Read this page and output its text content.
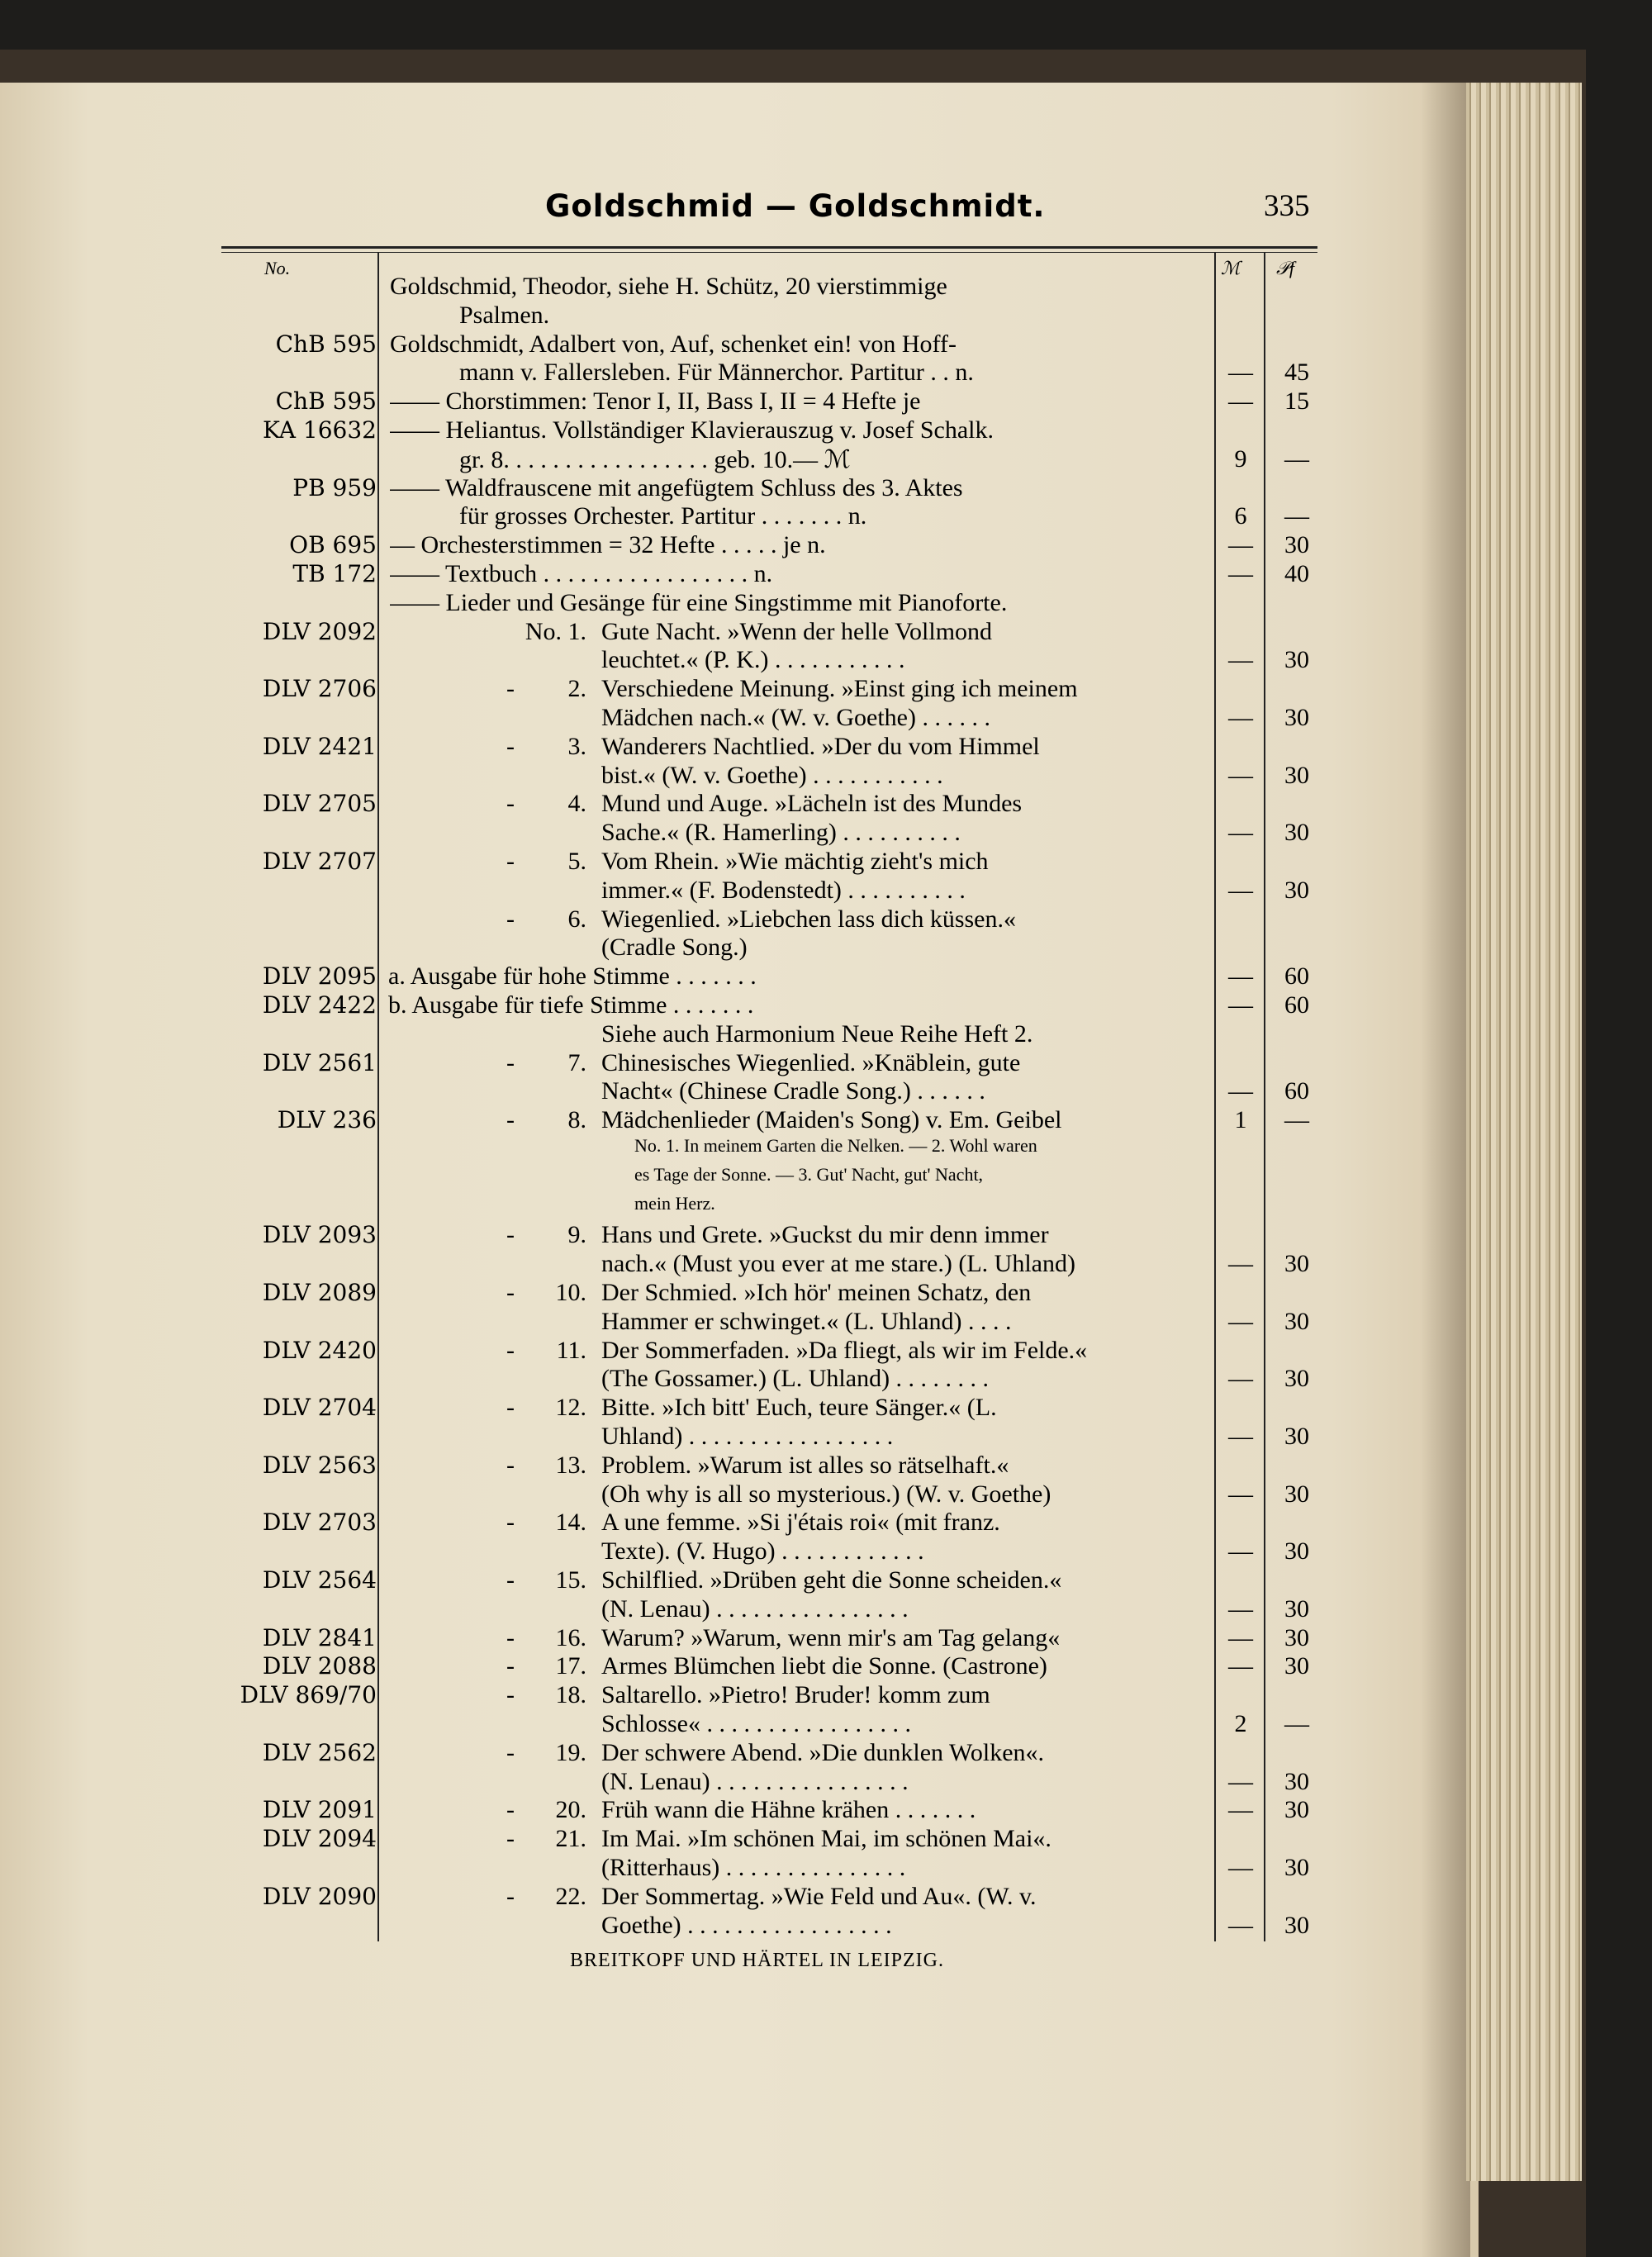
Goldschmid — Goldschmidt.	335
No.	ℳ 𝒫f
Goldschmid, Theodor, siehe H. Schütz, 20 vierstimmige
Psalmen.
ChB 595 Goldschmidt, Adalbert von, Auf, schenket ein! von Hoff-
mann v. Fallersleben. Für Männerchor. Partitur . . n.	—	45
ChB 595 —— Chorstimmen: Tenor I, II, Bass I, II = 4 Hefte je	—	15
KA 16632 —— Heliantus. Vollständiger Klavierauszug v. Josef Schalk.
gr. 8. . . . . . . . . . . . . . . . . geb. 10.— ℳ	9	—
PB 959 —— Waldfrauscene mit angefügtem Schluss des 3. Aktes
für grosses Orchester. Partitur . . . . . . . n.	6	—
OB 695 — Orchesterstimmen = 32 Hefte . . . . . je n.	—	30
TB 172 —— Textbuch . . . . . . . . . . . . . . . . . n.	—	40
—— Lieder und Gesänge für eine Singstimme mit Pianoforte.
DLV 2092	No. 1. Gute Nacht. »Wenn der helle Vollmond
leuchtet.« (P. K.) . . . . . . . . . . .	—	30
DLV 2706	-	2. Verschiedene Meinung. »Einst ging ich meinem
Mädchen nach.« (W. v. Goethe) . . . . . .	—	30
DLV 2421	-	3. Wanderers Nachtlied. »Der du vom Himmel
bist.« (W. v. Goethe) . . . . . . . . . . .	—	30
DLV 2705	-	4. Mund und Auge. »Lächeln ist des Mundes
Sache.« (R. Hamerling) . . . . . . . . . .	—	30
DLV 2707	-	5. Vom Rhein. »Wie mächtig zieht's mich
immer.« (F. Bodenstedt) . . . . . . . . . .	—	30
-	6. Wiegenlied. »Liebchen lass dich küssen.«
(Cradle Song.)
DLV 2095 a. Ausgabe für hohe Stimme . . . . . . .	—	60
DLV 2422 b. Ausgabe für tiefe Stimme . . . . . . .	—	60
Siehe auch Harmonium Neue Reihe Heft 2.
DLV 2561	-	7. Chinesisches Wiegenlied. »Knäblein, gute
Nacht« (Chinese Cradle Song.) . . . . . .	—	60
DLV 236	-	8. Mädchenlieder (Maiden's Song) v. Em. Geibel	1	—
No. 1. In meinem Garten die Nelken. — 2. Wohl waren
es Tage der Sonne. — 3. Gut' Nacht, gut' Nacht,
mein Herz.
DLV 2093	-	9. Hans und Grete. »Guckst du mir denn immer
nach.« (Must you ever at me stare.) (L. Uhland)	—	30
DLV 2089	-	10. Der Schmied. »Ich hör' meinen Schatz, den
Hammer er schwinget.« (L. Uhland) . . . .	—	30
DLV 2420	-	11. Der Sommerfaden. »Da fliegt, als wir im Felde.«
(The Gossamer.) (L. Uhland) . . . . . . . .	—	30
DLV 2704	-	12. Bitte. »Ich bitt' Euch, teure Sänger.« (L.
Uhland) . . . . . . . . . . . . . . . . .	—	30
DLV 2563	-	13. Problem. »Warum ist alles so rätselhaft.«
(Oh why is all so mysterious.) (W. v. Goethe)	—	30
DLV 2703	-	14. A une femme. »Si j'étais roi« (mit franz.
Texte). (V. Hugo) . . . . . . . . . . . .	—	30
DLV 2564	-	15. Schilflied. »Drüben geht die Sonne scheiden.«
(N. Lenau) . . . . . . . . . . . . . . . .	—	30
DLV 2841	-	16. Warum? »Warum, wenn mir's am Tag gelang«	—	30
DLV 2088	-	17. Armes Blümchen liebt die Sonne. (Castrone)	—	30
DLV 869/70	-	18. Saltarello. »Pietro! Bruder! komm zum
Schlosse« . . . . . . . . . . . . . . . . .	2	—
DLV 2562	-	19. Der schwere Abend. »Die dunklen Wolken«.
(N. Lenau) . . . . . . . . . . . . . . . .	—	30
DLV 2091	-	20. Früh wann die Hähne krähen . . . . . . .	—	30
DLV 2094	-	21. Im Mai. »Im schönen Mai, im schönen Mai«.
(Ritterhaus) . . . . . . . . . . . . . . .	—	30
DLV 2090	-	22. Der Sommertag. »Wie Feld und Au«. (W. v.
Goethe) . . . . . . . . . . . . . . . . .	—	30
BREITKOPF UND HÄRTEL IN LEIPZIG.
